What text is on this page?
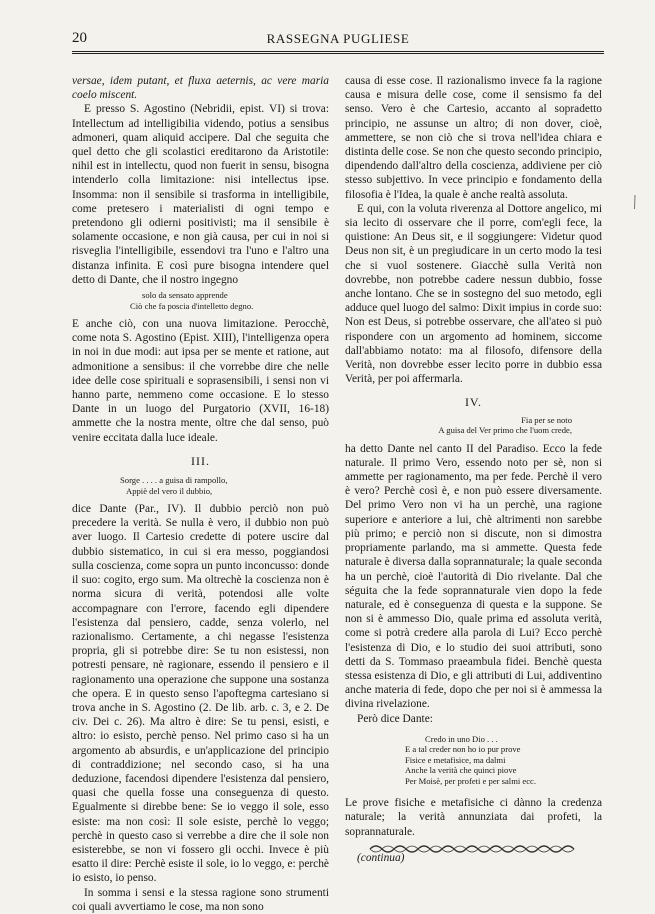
20	RASSEGNA PUGLIESE

versae, idem putant, et fluxa aeternis, ac vere maria coelo miscent.

E presso S. Agostino (Nebridii, epist. VI) si trova: Intellectum ad intelligibilia videndo, potius a sensibus admoneri, quam aliquid accipere. Dal che seguita che quel detto che gli scolastici ereditarono da Aristotile: nihil est in intellectu, quod non fuerit in sensu, bisogna intenderlo colla limitazione: nisi intellectus ipse. Insomma: non il sensibile si trasforma in intelligibile, come pretesero i materialisti di ogni tempo e pretendono gli odierni positivisti; ma il sensibile è solamente occasione, e non già causa, per cui in noi si risveglia l'intelligibile, essendovi tra l'uno e l'altro una distanza infinita. E così pure bisogna intendere quel detto di Dante, che il nostro ingegno

solo da sensato apprende
Ciò che fa poscia d'intelletto degno.

E anche ciò, con una nuova limitazione. Perocchè, come nota S. Agostino (Epist. XIII), l'intelligenza opera in noi in due modi: aut ipsa per se mente et ratione, aut admonitione a sensibus: il che vorrebbe dire che nelle idee delle cose spirituali e soprasensibili, i sensi non vi hanno parte, nemmeno come occasione. E lo stesso Dante in un luogo del Purgatorio (XVII, 16-18) ammette che la nostra mente, oltre che dal senso, può venire eccitata dalla luce ideale.

III.
Sorge . . . . a guisa di rampollo,
Appiè del vero il dubbio,

dice Dante (Par., IV). Il dubbio perciò non può precedere la verità. Se nulla è vero, il dubbio non può aver luogo. Il Cartesio credette di potere uscire dal dubbio sistematico, in cui si era messo, poggiandosi sulla coscienza, come sopra un punto inconcusso: donde il suo: cogito, ergo sum. Ma oltrechè la coscienza non è norma sicura di verità, potendosi alle volte accompagnare con l'errore, facendo egli dipendere l'esistenza dal pensiero, cadde, senza volerlo, nel razionalismo. Certamente, a chi negasse l'esistenza propria, gli si potrebbe dire: Se tu non esistessi, non potresti pensare, nè ragionare, essendo il pensiero e il ragionamento una operazione che suppone una sostanza che opera. E in questo senso l'apoftegma cartesiano si trova anche in S. Agostino (2. De lib. arb. c. 3, e 2. De civ. Dei c. 26). Ma altro è dire: Se tu pensi, esisti, e altro: io esisto, perchè penso. Nel primo caso si ha un argomento ab absurdis, e un'applicazione del principio di contraddizione; nel secondo caso, si ha una deduzione, facendosi dipendere l'esistenza dal pensiero, quasi che quella fosse una conseguenza di questo. Egualmente si direbbe bene: Se io veggo il sole, esso esiste: ma non così: Il sole esiste, perchè lo veggo; perchè in questo caso si verrebbe a dire che il sole non esisterebbe, se non vi fossero gli occhi. Invece è più esatto il dire: Perchè esiste il sole, io lo veggo, e: perchè io esisto, io penso.

In somma i sensi e la stessa ragione sono strumenti coi quali avvertiamo le cose, ma non sono

causa di esse cose. Il razionalismo invece fa la ragione causa e misura delle cose, come il sensismo fa del senso. Vero è che Cartesio, accanto al sopradetto principio, ne assunse un altro; di non dover, cioè, ammettere, se non ciò che si trova nell'idea chiara e distinta delle cose. Se non che questo secondo principio, dipendendo dall'altro della coscienza, addiviene per ciò stesso subjettivo. In vece principio e fondamento della filosofia è l'Idea, la quale è anche realtà assoluta.

E qui, con la voluta riverenza al Dottore angelico, mi sia lecito di osservare che il porre, com'egli fece, la quistione: An Deus sit, e il soggiungere: Videtur quod Deus non sit, è un pregiudicare in un certo modo la tesi che si vuol sostenere. Giacchè sulla Verità non dovrebbe, non potrebbe cadere nessun dubbio, fosse anche lontano. Che se in sostegno del suo metodo, egli adduce quel luogo del salmo: Dixit impius in corde suo: Non est Deus, si potrebbe osservare, che all'ateo si può rispondere con un argomento ad hominem, siccome dall'abbiamo notato: ma al filosofo, difensore della Verità, non dovrebbe esser lecito porre in dubbio essa Verità, per poi affermarla.

IV.
Fia per se noto
A guisa del Ver primo che l'uom crede,

ha detto Dante nel canto II del Paradiso. Ecco la fede naturale. Il primo Vero, essendo noto per sè, non si ammette per ragionamento, ma per fede. Perchè il vero è vero? Perchè così è, e non può essere diversamente. Del primo Vero non vi ha un perchè, una ragione superiore e anteriore a lui, chè altrimenti non sarebbe più primo; e perciò non si discute, non si dimostra propriamente parlando, ma si ammette. Questa fede naturale è diversa dalla soprannaturale; la quale seconda ha un perchè, cioè l'autorità di Dio rivelante. Dal che séguita che la fede soprannaturale vien dopo la fede naturale, ed è conseguenza di questa e la suppone. Se non si è ammesso Dio, quale prima ed assoluta verità, come si potrà credere alla parola di Lui? Ecco perchè l'esistenza di Dio, e lo studio dei suoi attributi, sono detti da S. Tommaso praeambula fidei. Benchè questa stessa esistenza di Dio, e gli attributi di Lui, addiventino anche materia di fede, dopo che per noi si è ammessa la divina rivelazione.

Però dice Dante:

Credo in uno Dio . . .
E a tal creder non ho io pur prove
Fisice e metafisice, ma dalmi
Anche la verità che quinci piove
Per Moisè, per profeti e per salmi ecc.

Le prove fisiche e metafisiche ci dànno la credenza naturale; la verità annunziata dai profeti, la soprannaturale.

(continua)
